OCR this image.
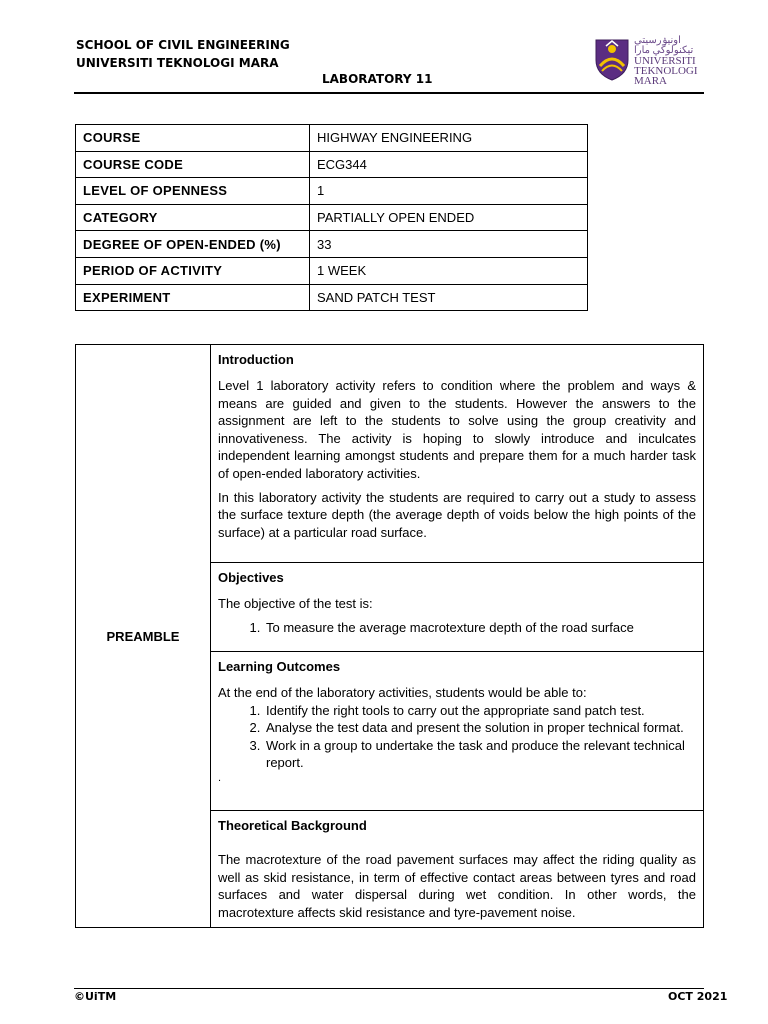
SCHOOL OF CIVIL ENGINEERING
UNIVERSITI TEKNOLOGI MARA
LABORATORY 11
اونيۏرسيتي تيكنولوڬي مارا
UNIVERSITI
TEKNOLOGI
MARA
COURSE	HIGHWAY ENGINEERING
COURSE CODE	ECG344
LEVEL OF OPENNESS	1
CATEGORY	PARTIALLY OPEN ENDED
DEGREE OF OPEN-ENDED (%)	33
PERIOD OF ACTIVITY	1 WEEK
EXPERIMENT	SAND PATCH TEST
PREAMBLE	
Introduction
Level 1 laboratory activity refers to condition where the problem and ways & means are guided and given to the students. However the answers to the assignment are left to the students to solve using the group creativity and innovativeness. The activity is hoping to slowly introduce and inculcates independent learning amongst students and prepare them for a much harder task of open-ended laboratory activities.
In this laboratory activity the students are required to carry out a study to assess the surface texture depth (the average depth of voids below the high points of the surface) at a particular road surface.

Objectives
The objective of the test is:
1. To measure the average macrotexture depth of the road surface

Learning Outcomes
At the end of the laboratory activities, students would be able to:
1. Identify the right tools to carry out the appropriate sand patch test.
2. Analyse the test data and present the solution in proper technical format.
3. Work in a group to undertake the task and produce the relevant technical report.
.

Theoretical Background
The macrotexture of the road pavement surfaces may affect the riding quality as well as skid resistance, in term of effective contact areas between tyres and road surfaces and water dispersal during wet condition. In other words, the macrotexture affects skid resistance and tyre-pavement noise.
©UiTM	OCT 2021
